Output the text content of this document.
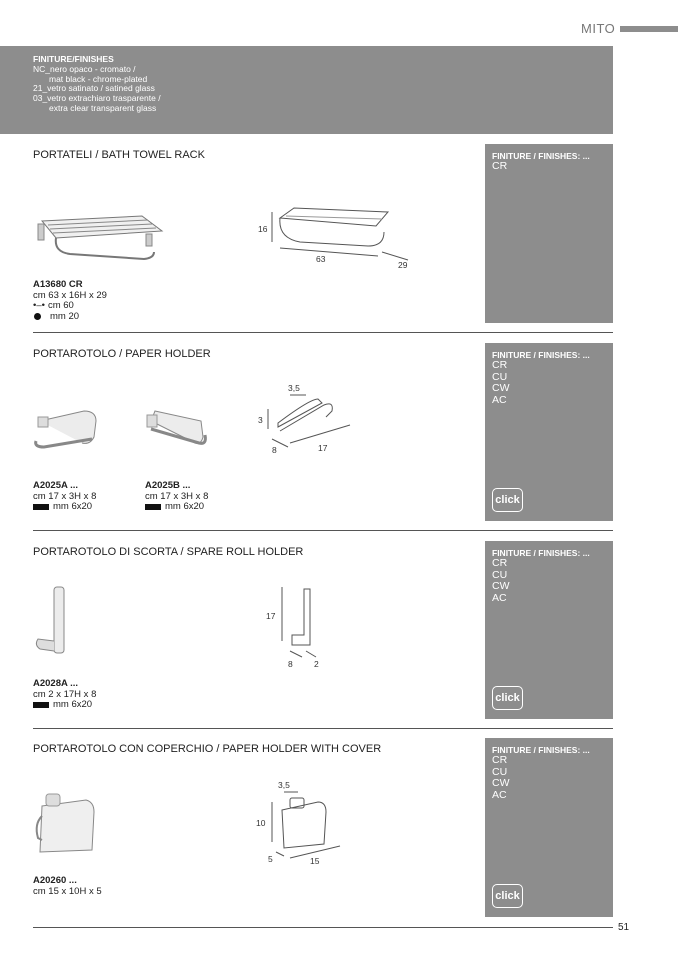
MITO
FINITURE/FINISHES
NC_nero opaco - cromato /
mat black - chrome-plated
21_vetro satinato / satined glass
03_vetro extrachiaro trasparente /
extra clear transparent glass
PORTATELI / BATH TOWEL RACK	FINITURE / FINISHES: ...
CR
16
63
29
A13680 CR
cm 63 x 16H x 29
•–• cm 60
mm 20
PORTAROTOLO / PAPER HOLDER	FINITURE / FINISHES: ...
CR
CU
CW
AC
click
3,5
3
8	17
A2025A ...
cm 17 x 3H x 8
mm 6x20
A2025B ...
cm 17 x 3H x 8
mm 6x20
PORTAROTOLO DI SCORTA / SPARE ROLL HOLDER	FINITURE / FINISHES: ...
CR
CU
CW
AC
click
17
8	2
A2028A ...
cm 2 x 17H x 8
mm 6x20
PORTAROTOLO CON COPERCHIO / PAPER HOLDER WITH COVER	FINITURE / FINISHES: ...
CR
CU
CW
AC
click
3,5
10
5	15
A20260 ...
cm 15 x 10H x 5
51
